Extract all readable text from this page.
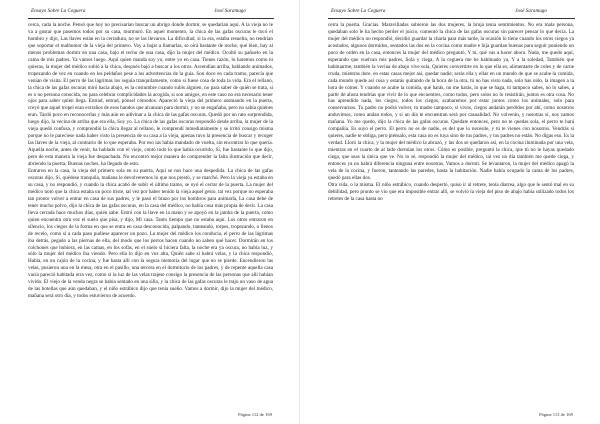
Ensayo Sobre La Ceguera	José Saramago

cerca, cada la noche. Pensó que hoy no precisarían buscar un abrigo donde dormir, se quedarían aquí. A la vieja no le va a gustar que pasemos todos por su casa, murmuró. En aquel momento, la chica de las gafas oscuras le tocó el hombro y dijo, Las llaves están en la cerradura, no se las llevaron. La dificultad, si la era, estaba resuelta, no tendrían que soportar el malhumor de la vieja del primero. Voy a bajar a llamarlas, se oirá bastante de noche, qué bien, hay al menos problemas dormir en una casa, bajo el techo de una casa, dijo la mujer del médico. Ocultó su pañuelo en la cama de mis padres. Ya vamos luego. Aquí quien manda soy yo, entre yo en casa. Tienes razón, lo haremos como tú quieras, la mujer del médico subió a la chica, después bajó a buscar a los otros. Ascendían arriba, hablando animados, tropezando de vez en cuando en los peldaños pese a los advertencias de la guía. Son doce en cada tramo, parecía que venían de visita. El perro de las lágrimas los seguía tranquilamente, como si fuese cosa de toda la vida. Era el rellano, la chica de las gafas oscuras miró hacia abajo, es la costumbre cuando subís alguien, no para saber de quién se trata, si es o no persona conocida, no para celebrar complicidades la acogida, si son amigos, en este caso no era necesario tener ojos para saber quién llega. Entrad, entrad, pónsel cómodos. Apareció la vieja del primero asomando en la puerta, creyó que aquel tropel eran extraños de esos bandos que alcanzan para dormir, y no se engañaba, pero no sabía quiénes eran. Tardó poco en reconocerlas y más aún en adivinar a la chica de las gafas oscuras. Quedó por un rato sorprendida, luego dijo, la vecina de arriba que era ella, Soy yo. La chica de las gafas oscuras respondió desde arriba, la mujer de la vieja quedó confusa, y comprendió la chica llegar al rellano, le comprendí inmediatamente y se irritó consigo misma porque no le pareciese nada haber visto la presencia de su casa a la vieja, apenas tuvo la presencia de buscar y recoger las llaves de la vieja, al contrario de lo que esperaba. Por eso las había mandado de vuelta, sin encontrar lo que quería. Aquella noche, antes de venir, ha hablado con el viejo, contó todo lo que había ocurrido, Sí, fue bastante lo que dijo, pero de esta manera la vieja fue despachada. No encontró mejor manera de comprender la falta ilustración que decir, abriendo la puerta, Buenas noches, ha llegado de esto.

Entraron en la casa, la vieja del primero sola en su puerta, Aquí se nos hace una despedida. La chica de las gafas oscuras dijo, Sí, quédese tranquila, mañana le devolveremos lo que nos prestó, y se marchó. Pero la vieja ya estaba en su casa, y no respondió, y cuando la chica acabó de subir el último tramo, se oyó el cerrar de la puerta. La mujer del médico notó que la chica estaba un poco triste, tal vez por haber tenido la vieja aquel gesto, tal vez porque no esperaba tan pronto volver a entrar en casa de sus padres, y le pasó el brazo por los hombros para animarla, La casa debe de tener mucho polvo, dijo la chica de las gafas oscuras, en la casa del médico, no había cosa más propia de decir. La casa lleva cerrada hace muchos días, quién sabe. Entró con la llave en la mano y se apoyó en la jamba de la puerta, como quien encuentra otra vez el suelo que pisa, y dijo, Mi casa. Tanto tiempo que no estaba aquí. Los otros entraron en silencio, los ciegos de la forma en que se entra en casa desconocida, palpando, tanteando, torpes, tropezando, o llenos de recelo, como si a cada paso pudiese aparecer un pozo. La mujer del médico los conducía, el perro de las lágrimas iba detrás, pegado a las piernas de ella, del modo que los perros hacen cuando no saben qué hacer. Dormirán en los colchones que hubiera, en las camas, en los sofás, en el suelo si hiciera falta, la noche era ya oscura, no había luz, y sólo la mujer del médico iba viendo. Pero ella lo dijo en voz alta, Quién sabe si habrá velas, y la chica respondió, Había, en un cajón de la cocina, y fue hasta allí con la segura memoria del lugar que no se pierde. Encendieron las velas, pusieron una en la mesa, otra en el pasillo, una tercera en el dormitorio de los padres, y de repente aquella casa vacía pareció habitada otra vez, como si la luz de las velas trajese consigo la presencia de las personas que allí habían vivido. El viejo de la venda negra se había sentado en una silla, y la chica de las gafas oscuras le trajo un vaso de agua de las botellas que aún quedaban, y el niño estrábico dijo que tenía sueño. Vamos a dormir, dijo la mujer del médico, mañana será otro día, y todos estuvieron de acuerdo.

Página 112 de 169
Ensayo Sobre La Ceguera	José Saramago

cerra la puerta. Gracias. Maravilladas subieron las dos mujeres, la bruja tenía sentimientos. No era mala persona, quedaban solo le ha hecho perder el juicio, comentó la chica de las gafas oscuras sin parecer pensar lo que decía. La mujer del médico no respondió, decidió guardar la charla para más tarde, la ocasión lo tiene cuando los otros ciegos ya acostados, algunos dormidos, sentados las dos en la cocina como madre e hija guardan buenas para seguir poniendo un poco de orden en la casa, entonces la mujer del médico preguntó, Y tú, qué vas a hacer ahora. Nada, me quedo aquí, esperando que vuelvan mis padres, Sola y ciega, A la ceguera me he habituado ya, Y a la soledad, También que habituarme, también la vecina de abajo vive sola, Quieres convertirte en lo que ella es, alimentarte de coles y de carne cruda, mientras dure, en estas casas mejor así, quedar nadie; serás ella y ellas en un mundo de que se acabe la comida, cada mundo quede así cosa y estarás quitando de la boca de la otra, tú no has visto nada, solo has oído, la imagen a la hora de comer. Y cuando se acabe la comida, qué harás, no me harás, lo que se haga, tú tampoco sabes, no lo sabes, a partir de ahora tendrías que vivir de lo que encuentres, como todos, pero solos no lo resistirán, juntos es otra cosa. No has aprendido nada, los ciegos, todos los ciegos, acabaremos por estar juntos como los animales, solo para conservarnos. Tu padre no podrá volver, tu madre tampoco, si vivos, ciegos andarán perdidos por ahí, como nosotros anduvimos, como andan todos, y si un día te encuentran será por casualidad. No volverán, y nosotras sí, nos vamos mañana. Yo me quedo, dijo la chica de las gafas oscuras. Quédate entonces, pero no te quedas sola, el perro te hará compañía. Es suyo el perro. El perro no es de nadie, es del que lo necesite, y tú te vienes con nosotros. Vendrás si quieres, nadie te obliga, pero piénsalo, esta casa no es tuya sino de tus padres, y tus padres no están. No digas eso. Es la verdad. Lloró la chica, y la mujer del médico la abrazó, y las dos se quedaron así, en la cocina iluminada por una vela, mientras en el cuarto de al lado dormían los otros. Cómo es posible, preguntó la chica, que tú no te hayas quedado ciega, que seas la única que ve. No lo sé, respondió la mujer del médico, tal vez un día también me quede ciega, y entonces ya no habrá diferencia ninguna entre nosotras. Vamos a dormir. Se levantaron, la mujer del médico apagó la vela de la cocina, y fueron, tanteando las paredes, hasta la habitación. Nadie había ocupado la cama de los padres, quedó para ellas dos.

Otra vida, o la misma. El niño estrábico, cuando despertó, quiso ir al retrete, tenía diarrea, algo que le sentó mal en su debilidad, pero pronto se vio que era imposible entrar allí, se volvió la vieja del piso de abajo había utilizado todos los retretes de la casa hasta no

Página 113 de 169
